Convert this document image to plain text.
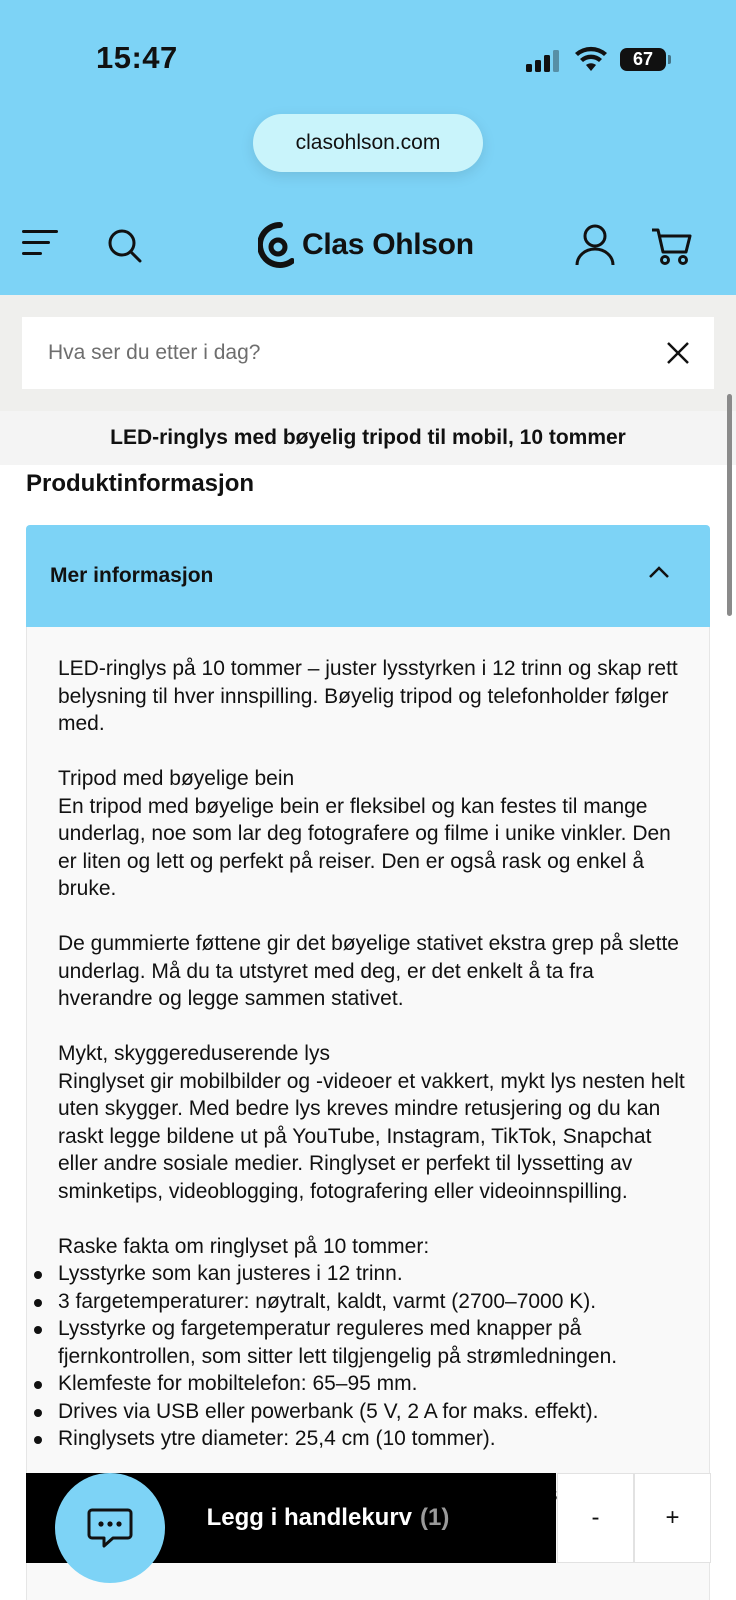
15:47	67
clasohlson.com
Clas Ohlson
Hva ser du etter i dag?
LED-ringlys med bøyelig tripod til mobil, 10 tommer
Produktinformasjon
Mer informasjon

LED-ringlys på 10 tommer – juster lysstyrken i 12 trinn og skap rett belysning til hver innspilling. Bøyelig tripod og telefonholder følger med.

Tripod med bøyelige bein
En tripod med bøyelige bein er fleksibel og kan festes til mange underlag, noe som lar deg fotografere og filme i unike vinkler. Den er liten og lett og perfekt på reiser. Den er også rask og enkel å bruke.

De gummierte føttene gir det bøyelige stativet ekstra grep på slette underlag. Må du ta utstyret med deg, er det enkelt å ta fra hverandre og legge sammen stativet.

Mykt, skyggereduserende lys
Ringlyset gir mobilbilder og -videoer et vakkert, mykt lys nesten helt uten skygger. Med bedre lys kreves mindre retusjering og du kan raskt legge bildene ut på YouTube, Instagram, TikTok, Snapchat eller andre sosiale medier. Ringlyset er perfekt til lyssetting av sminketips, videoblogging, fotografering eller videoinnspilling.

Raske fakta om ringlyset på 10 tommer:
Lysstyrke som kan justeres i 12 trinn.
3 fargetemperaturer: nøytralt, kaldt, varmt (2700–7000 K).
Lysstyrke og fargetemperatur reguleres med knapper på fjernkontrollen, som sitter lett tilgjengelig på strømledningen.
Klemfeste for mobiltelefon: 65–95 mm.
Drives via USB eller powerbank (5 V, 2 A for maks. effekt).
Ringlysets ytre diameter: 25,4 cm (10 tommer).
Legg i handlekurv (1)	-	+
